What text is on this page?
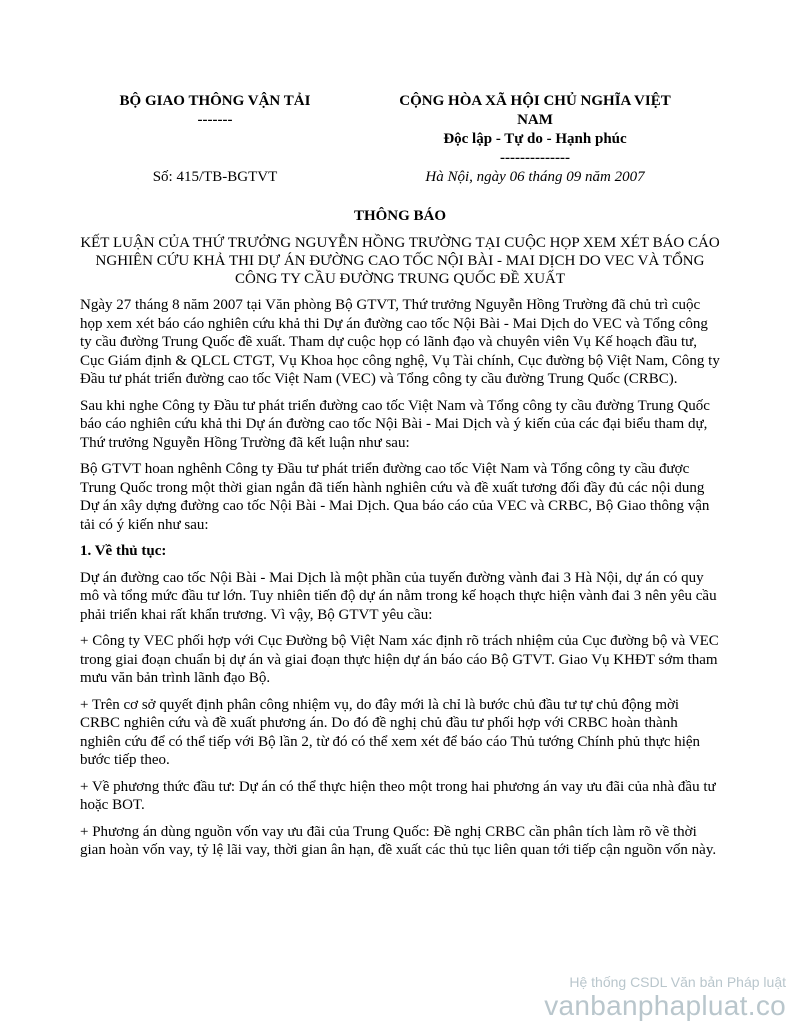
BỘ GIAO THÔNG VẬN TẢI
-------
Số: 415/TB-BGTVT
CỘNG HÒA XÃ HỘI CHỦ NGHĨA VIỆT
NAM
Độc lập - Tự do - Hạnh phúc
--------------
Hà Nội, ngày 06 tháng 09 năm 2007
THÔNG BÁO
KẾT LUẬN CỦA THỨ TRƯỞNG NGUYỄN HỒNG TRƯỜNG TẠI CUỘC HỌP XEM XÉT BÁO CÁO NGHIÊN CỨU KHẢ THI DỰ ÁN ĐƯỜNG CAO TỐC NỘI BÀI - MAI DỊCH DO VEC VÀ TỔNG CÔNG TY CẦU ĐƯỜNG TRUNG QUỐC ĐỀ XUẤT

Ngày 27 tháng 8 năm 2007 tại Văn phòng Bộ GTVT, Thứ trưởng Nguyễn Hồng Trường đã chủ trì cuộc họp xem xét báo cáo nghiên cứu khả thi Dự án đường cao tốc Nội Bài - Mai Dịch do VEC và Tổng công ty cầu đường Trung Quốc đề xuất. Tham dự cuộc họp có lãnh đạo và chuyên viên Vụ Kế hoạch đầu tư, Cục Giám định & QLCL CTGT, Vụ Khoa học công nghệ, Vụ Tài chính, Cục đường bộ Việt Nam, Công ty Đầu tư phát triển đường cao tốc Việt Nam (VEC) và Tổng công ty cầu đường Trung Quốc (CRBC).

Sau khi nghe Công ty Đầu tư phát triển đường cao tốc Việt Nam và Tổng công ty cầu đường Trung Quốc báo cáo nghiên cứu khả thi Dự án đường cao tốc Nội Bài - Mai Dịch và ý kiến của các đại biểu tham dự, Thứ trưởng Nguyễn Hồng Trường đã kết luận như sau:

Bộ GTVT hoan nghênh Công ty Đầu tư phát triển đường cao tốc Việt Nam và Tổng công ty cầu được Trung Quốc trong một thời gian ngắn đã tiến hành nghiên cứu và đề xuất tương đối đầy đủ các nội dung Dự án xây dựng đường cao tốc Nội Bài - Mai Dịch. Qua báo cáo của VEC và CRBC, Bộ Giao thông vận tải có ý kiến như sau:

1. Về thủ tục:

Dự án đường cao tốc Nội Bài - Mai Dịch là một phần của tuyến đường vành đai 3 Hà Nội, dự án có quy mô và tổng mức đầu tư lớn. Tuy nhiên tiến độ dự án nằm trong kế hoạch thực hiện vành đai 3 nên yêu cầu phải triển khai rất khẩn trương. Vì vậy, Bộ GTVT yêu cầu:

+ Công ty VEC phối hợp với Cục Đường bộ Việt Nam xác định rõ trách nhiệm của Cục đường bộ và VEC trong giai đoạn chuẩn bị dự án và giai đoạn thực hiện dự án báo cáo Bộ GTVT. Giao Vụ KHĐT sớm tham mưu văn bản trình lãnh đạo Bộ.

+ Trên cơ sở quyết định phân công nhiệm vụ, do đây mới là chỉ là bước chủ đầu tư tự chủ động mời CRBC nghiên cứu và đề xuất phương án. Do đó đề nghị chủ đầu tư phối hợp với CRBC hoàn thành nghiên cứu để có thể tiếp với Bộ lần 2, từ đó có thể xem xét để báo cáo Thủ tướng Chính phủ thực hiện bước tiếp theo.

+ Về phương thức đầu tư: Dự án có thể thực hiện theo một trong hai phương án vay ưu đãi của nhà đầu tư hoặc BOT.

+ Phương án dùng nguồn vốn vay ưu đãi của Trung Quốc: Đề nghị CRBC cần phân tích làm rõ về thời gian hoàn vốn vay, tỷ lệ lãi vay, thời gian ân hạn, đề xuất các thủ tục liên quan tới tiếp cận nguồn vốn này.

Hệ thống CSDL Văn bản Pháp luật
vanbanphapluat.co
